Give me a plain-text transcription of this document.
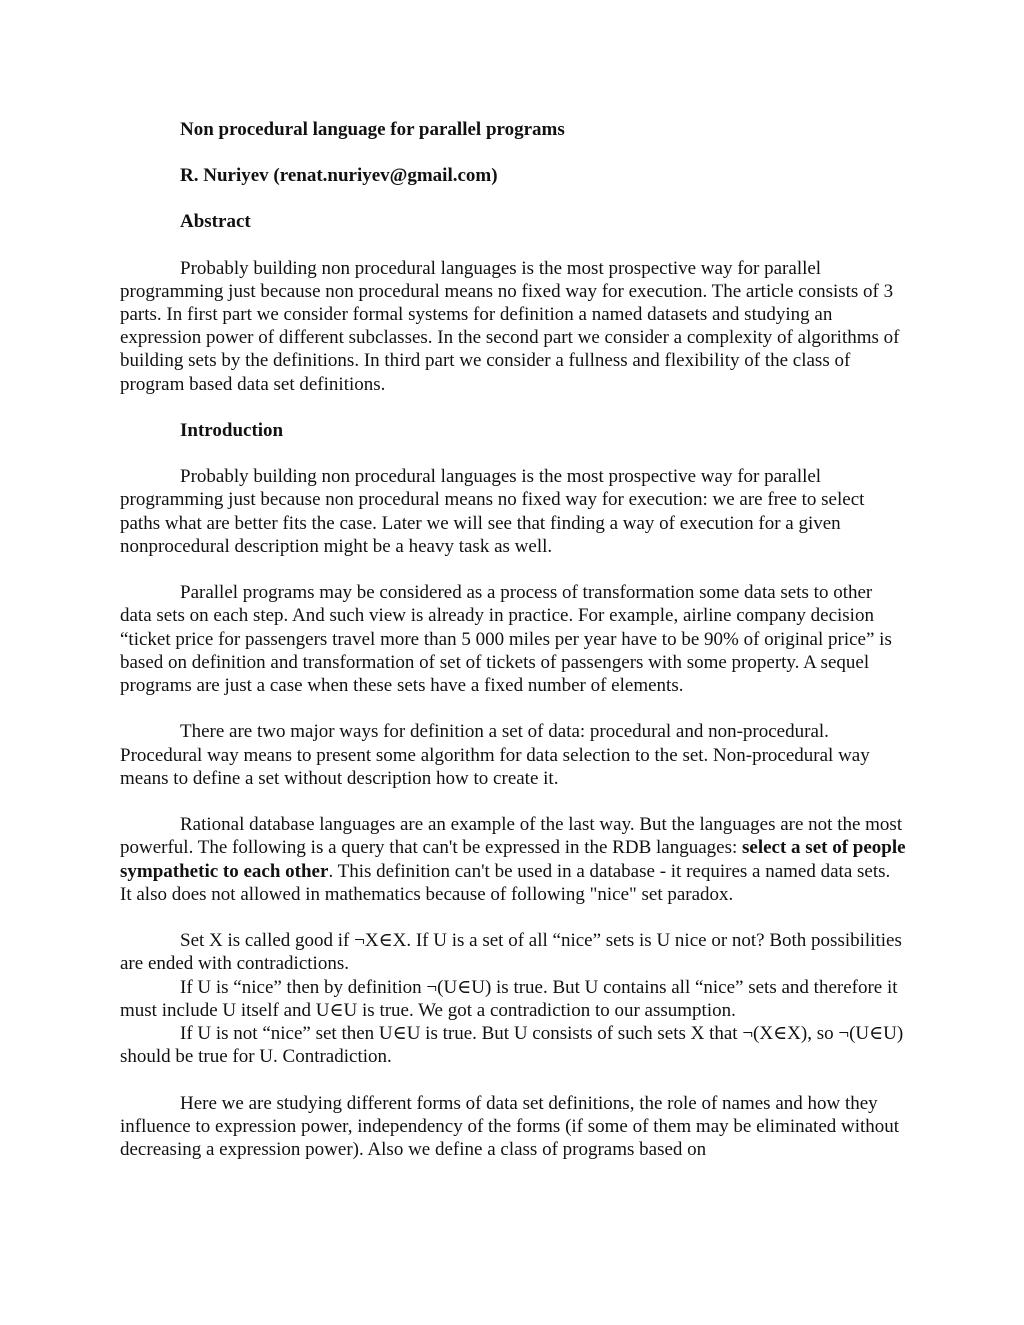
Non procedural language for parallel programs

R. Nuriyev (renat.nuriyev@gmail.com)

Abstract

Probably building non procedural languages is the most prospective way for parallel programming just because non procedural means no fixed way for execution. The article consists of 3 parts. In first part we consider formal systems for definition a named datasets and studying an expression power of different subclasses. In the second part we consider a complexity of algorithms of building sets by the definitions. In third part we consider a fullness and flexibility of the class of program based data set definitions.

Introduction

Probably building non procedural languages is the most prospective way for parallel programming just because non procedural means no fixed way for execution: we are free to select paths what are better fits the case. Later we will see that finding a way of execution for a given nonprocedural description might be a heavy task as well.

Parallel programs may be considered as a process of transformation some data sets to other data sets on each step. And such view is already in practice. For example, airline company decision “ticket price for passengers travel more than 5 000 miles per year have to be 90% of original price” is based on definition and transformation of set of tickets of passengers with some property. A sequel programs are just a case when these sets have a fixed number of elements.

There are two major ways for definition a set of data: procedural and non-procedural. Procedural way means to present some algorithm for data selection to the set. Non-procedural way means to define a set without description how to create it.

Rational database languages are an example of the last way. But the languages are not the most powerful. The following is a query that can't be expressed in the RDB languages: select a set of people sympathetic to each other. This definition can't be used in a database - it requires a named data sets. It also does not allowed in mathematics because of following "nice" set paradox.

Set X is called good if ¬X∈X. If U is a set of all “nice” sets is U nice or not? Both possibilities are ended with contradictions.

If U is “nice” then by definition ¬(U∈U) is true. But U contains all “nice” sets and therefore it must include U itself and U∈U is true. We got a contradiction to our assumption.

If U is not “nice” set then U∈U is true. But U consists of such sets X that ¬(X∈X), so ¬(U∈U) should be true for U. Contradiction.

Here we are studying different forms of data set definitions, the role of names and how they influence to expression power, independency of the forms (if some of them may be eliminated without decreasing a expression power). Also we define a class of programs based on
